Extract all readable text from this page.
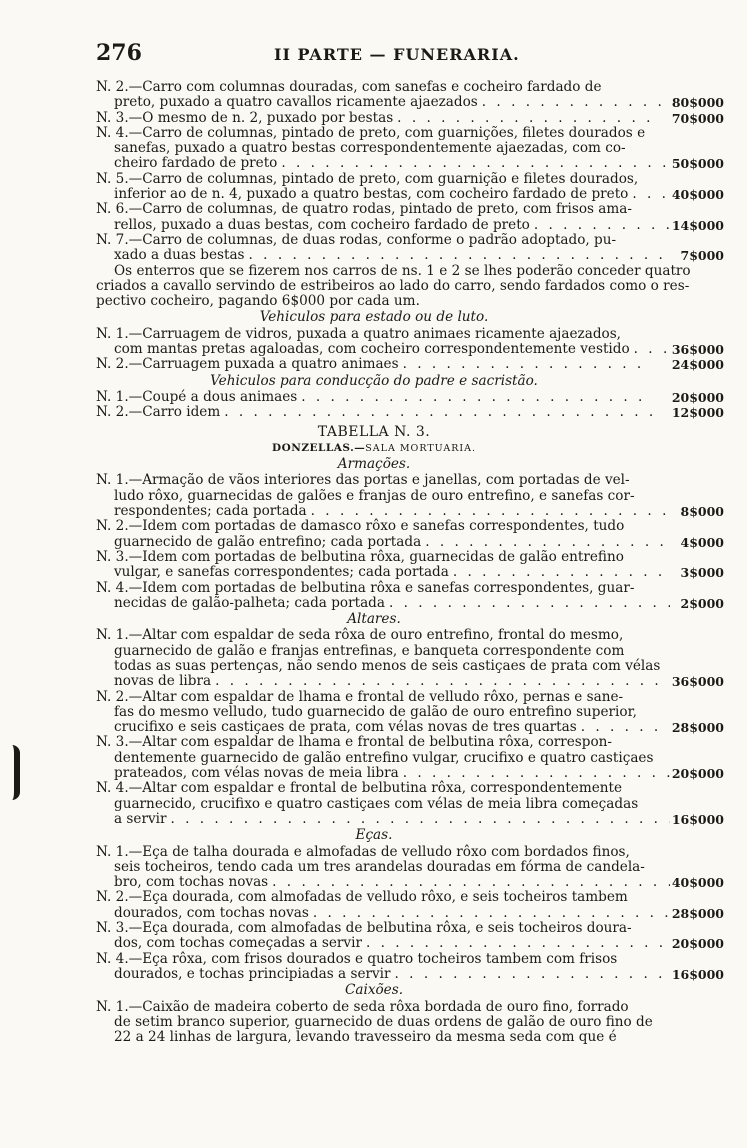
276	II PARTE — FUNERARIA.
N. 2.—Carro com columnas douradas, com sanefas e cocheiro fardado de
preto, puxado a quatro cavallos ricamente ajaezados . . .	80$000
N. 3.—O mesmo de n. 2, puxado por bestas . . .	70$000
N. 4.—Carro de columnas, pintado de preto, com guarnições, filetes dourados e
sanefas, puxado a quatro bestas correspondentemente ajaezadas, com co-
cheiro fardado de preto . . .	50$000
N. 5.—Carro de columnas, pintado de preto, com guarnição e filetes dourados,
inferior ao de n. 4, puxado a quatro bestas, com cocheiro fardado de preto . . .	40$000
N. 6.—Carro de columnas, de quatro rodas, pintado de preto, com frisos ama-
rellos, puxado a duas bestas, com cocheiro fardado de preto . . .	14$000
N. 7.—Carro de columnas, de duas rodas, conforme o padrão adoptado, pu-
xado a duas bestas . . .	7$000
Os enterros que se fizerem nos carros de ns. 1 e 2 se lhes poderão conceder quatro
criados a cavallo servindo de estribeiros ao lado do carro, sendo fardados como o res-
pectivo cocheiro, pagando 6$000 por cada um.
Vehiculos para estado ou de luto.
N. 1.—Carruagem de vidros, puxada a quatro animaes ricamente ajaezados,
com mantas pretas agaloadas, com cocheiro correspondentemente vestido . . .	36$000
N. 2.—Carruagem puxada a quatro animaes . . .	24$000
Vehiculos para conducção do padre e sacristão.
N. 1.—Coupé a dous animaes . . .	20$000
N. 2.—Carro idem . . .	12$000
TABELLA N. 3.
DONZELLAS.—SALA MORTUARIA.
Armações.
N. 1.—Armação de vãos interiores das portas e janellas, com portadas de vel-
ludo rôxo, guarnecidas de galões e franjas de ouro entrefino, e sanefas cor-
respondentes; cada portada . . .	8$000
N. 2.—Idem com portadas de damasco rôxo e sanefas correspondentes, tudo
guarnecido de galão entrefino; cada portada . . .	4$000
N. 3.—Idem com portadas de belbutina rôxa, guarnecidas de galão entrefino
vulgar, e sanefas correspondentes; cada portada . . .	3$000
N. 4.—Idem com portadas de belbutina rôxa e sanefas correspondentes, guar-
necidas de galão-palheta; cada portada . . .	2$000
Altares.
N. 1.—Altar com espaldar de seda rôxa de ouro entrefino, frontal do mesmo,
guarnecido de galão e franjas entrefinas, e banqueta correspondente com
todas as suas pertenças, não sendo menos de seis castiçaes de prata com vélas
novas de libra . . .	36$000
N. 2.—Altar com espaldar de lhama e frontal de velludo rôxo, pernas e sane-
fas do mesmo velludo, tudo guarnecido de galão de ouro entrefino superior,
crucifixo e seis castiçaes de prata, com vélas novas de tres quartas . . .	28$000
N. 3.—Altar com espaldar de lhama e frontal de belbutina rôxa, correspon-
dentemente guarnecido de galão entrefino vulgar, crucifixo e quatro castiçaes
prateados, com vélas novas de meia libra . . .	20$000
N. 4.—Altar com espaldar e frontal de belbutina rôxa, correspondentemente
guarnecido, crucifixo e quatro castiçaes com vélas de meia libra começadas
a servir . . .	16$000
Eças.
N. 1.—Eça de talha dourada e almofadas de velludo rôxo com bordados finos,
seis tocheiros, tendo cada um tres arandelas douradas em fórma de candela-
bro, com tochas novas . . .	40$000
N. 2.—Eça dourada, com almofadas de velludo rôxo, e seis tocheiros tambem
dourados, com tochas novas . . .	28$000
N. 3.—Eça dourada, com almofadas de belbutina rôxa, e seis tocheiros doura-
dos, com tochas começadas a servir . . .	20$000
N. 4.—Eça rôxa, com frisos dourados e quatro tocheiros tambem com frisos
dourados, e tochas principiadas a servir . . .	16$000
Caixões.
N. 1.—Caixão de madeira coberto de seda rôxa bordada de ouro fino, forrado
de setim branco superior, guarnecido de duas ordens de galão de ouro fino de
22 a 24 linhas de largura, levando travesseiro da mesma seda com que é
